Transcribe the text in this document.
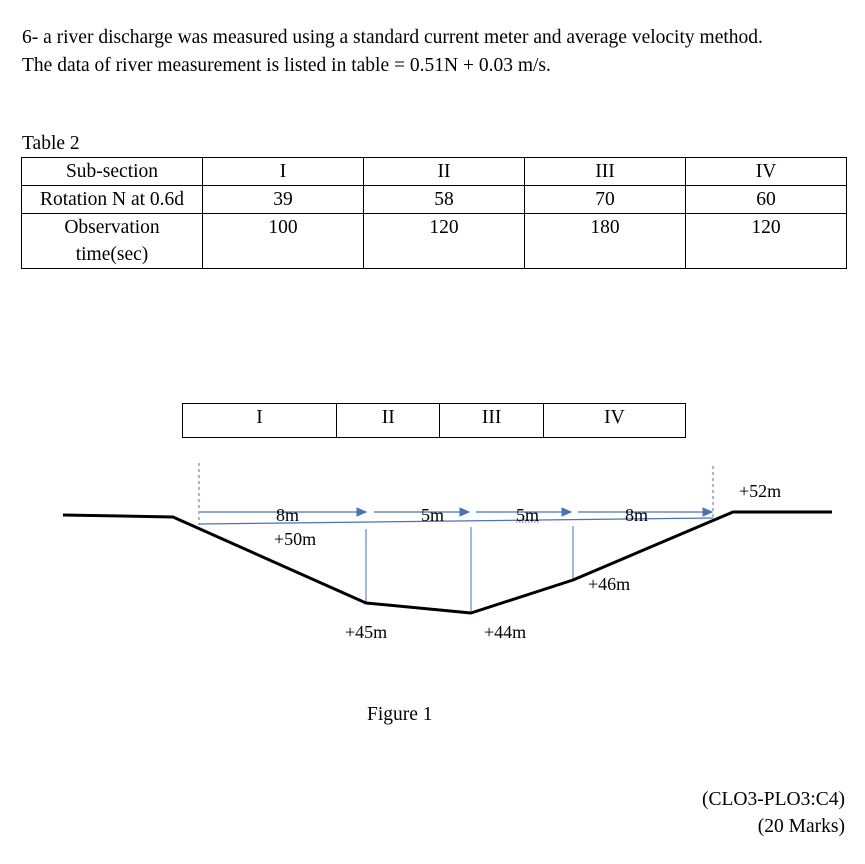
6- a river discharge was measured using a standard current meter and average velocity method.
The data of river measurement is listed in table = 0.51N + 0.03 m/s.
Table 2
Sub-section	I	II	III	IV
Rotation N at 0.6d	39	58	70	60
Observation time(sec)	100	120	180	120
I	II	III	IV
8m	5m	5m	8m
+50m
+52m
+45m	+44m
+46m
Figure 1
(CLO3-PLO3:C4)
(20 Marks)
